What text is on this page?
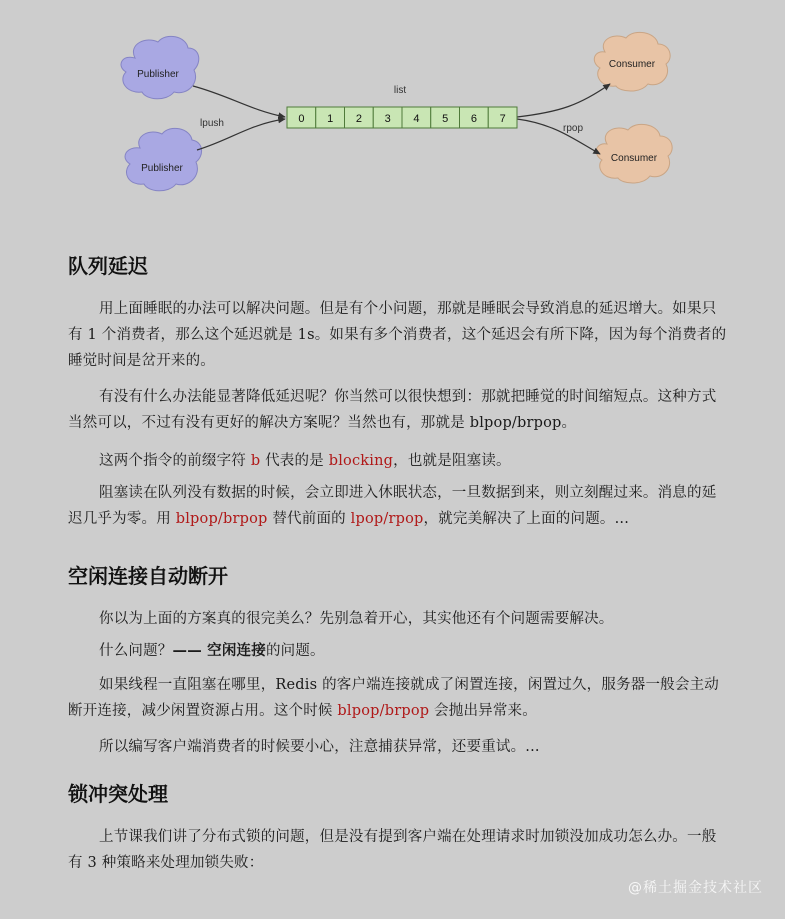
Publisher
Publisher
Consumer
Consumer
list
lpush	rpop
0 1 2 3 4 5 6 7
队列延迟

用上面睡眠的办法可以解决问题。但是有个小问题，那就是睡眠会导致消息的延迟增大。如果只有 1 个消费者，那么这个延迟就是 1s。如果有多个消费者，这个延迟会有所下降，因为每个消费者的睡觉时间是岔开来的。

有没有什么办法能显著降低延迟呢？你当然可以很快想到：那就把睡觉的时间缩短点。这种方式当然可以，不过有没有更好的解决方案呢？当然也有，那就是 blpop/brpop。

这两个指令的前缀字符 b 代表的是 blocking，也就是阻塞读。

阻塞读在队列没有数据的时候，会立即进入休眠状态，一旦数据到来，则立刻醒过来。消息的延迟几乎为零。用 blpop/brpop 替代前面的 lpop/rpop，就完美解决了上面的问题。...

空闲连接自动断开

你以为上面的方案真的很完美么？先别急着开心，其实他还有个问题需要解决。

什么问题？—— 空闲连接的问题。

如果线程一直阻塞在哪里，Redis 的客户端连接就成了闲置连接，闲置过久，服务器一般会主动断开连接，减少闲置资源占用。这个时候 blpop/brpop 会抛出异常来。

所以编写客户端消费者的时候要小心，注意捕获异常，还要重试。...

锁冲突处理

上节课我们讲了分布式锁的问题，但是没有提到客户端在处理请求时加锁没加成功怎么办。一般有 3 种策略来处理加锁失败：

@稀土掘金技术社区
